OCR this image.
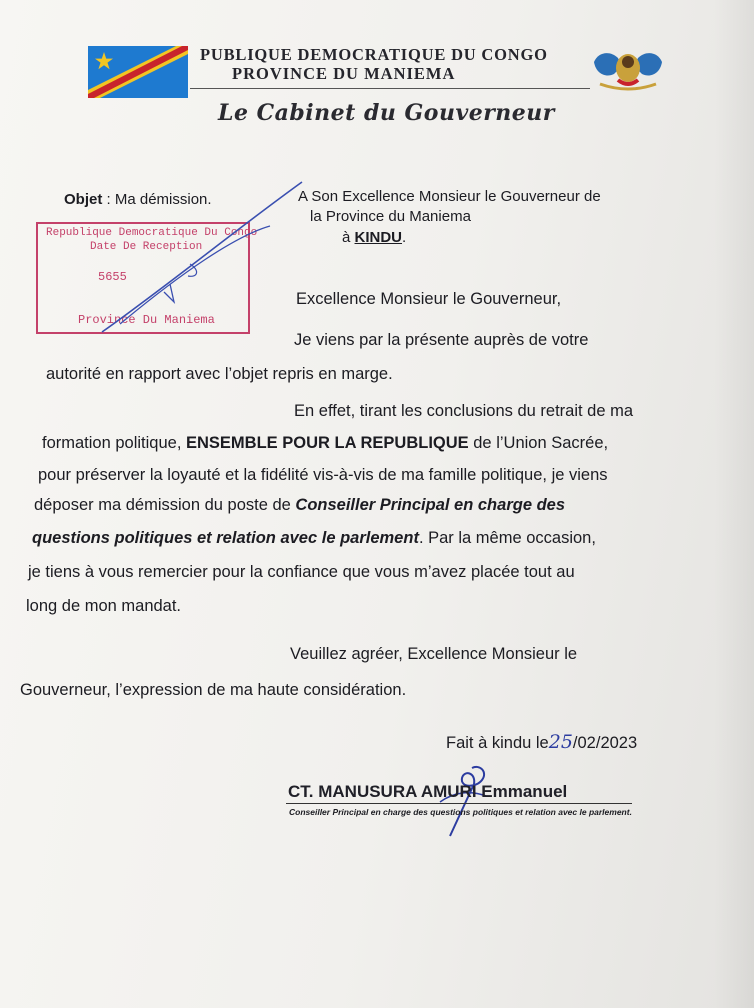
PUBLIQUE DEMOCRATIQUE DU CONGO
PROVINCE DU MANIEMA
Le Cabinet du Gouverneur
Objet : Ma démission.
Republique Democratique Du Congo
Date De Reception
5655
Province Du Maniema
A Son Excellence Monsieur le Gouverneur de
la Province du Maniema
à KINDU.
Excellence Monsieur le Gouverneur,
Je viens par la présente auprès de votre
autorité en rapport avec l’objet repris en marge.
En effet, tirant les conclusions du retrait de ma
formation politique, ENSEMBLE POUR LA REPUBLIQUE de l’Union Sacrée,
pour préserver la loyauté et la fidélité vis-à-vis de ma famille politique, je viens
déposer ma démission du poste de Conseiller Principal en charge des
questions politiques et relation avec le parlement. Par la même occasion,
je tiens à vous remercier pour la confiance que vous m’avez placée tout au
long de mon mandat.
Veuillez agréer, Excellence Monsieur le
Gouverneur, l’expression de ma haute considération.
Fait à kindu le25/02/2023
CT. MANUSURA AMURI Emmanuel
Conseiller Principal en charge des questions politiques et relation avec le parlement.
